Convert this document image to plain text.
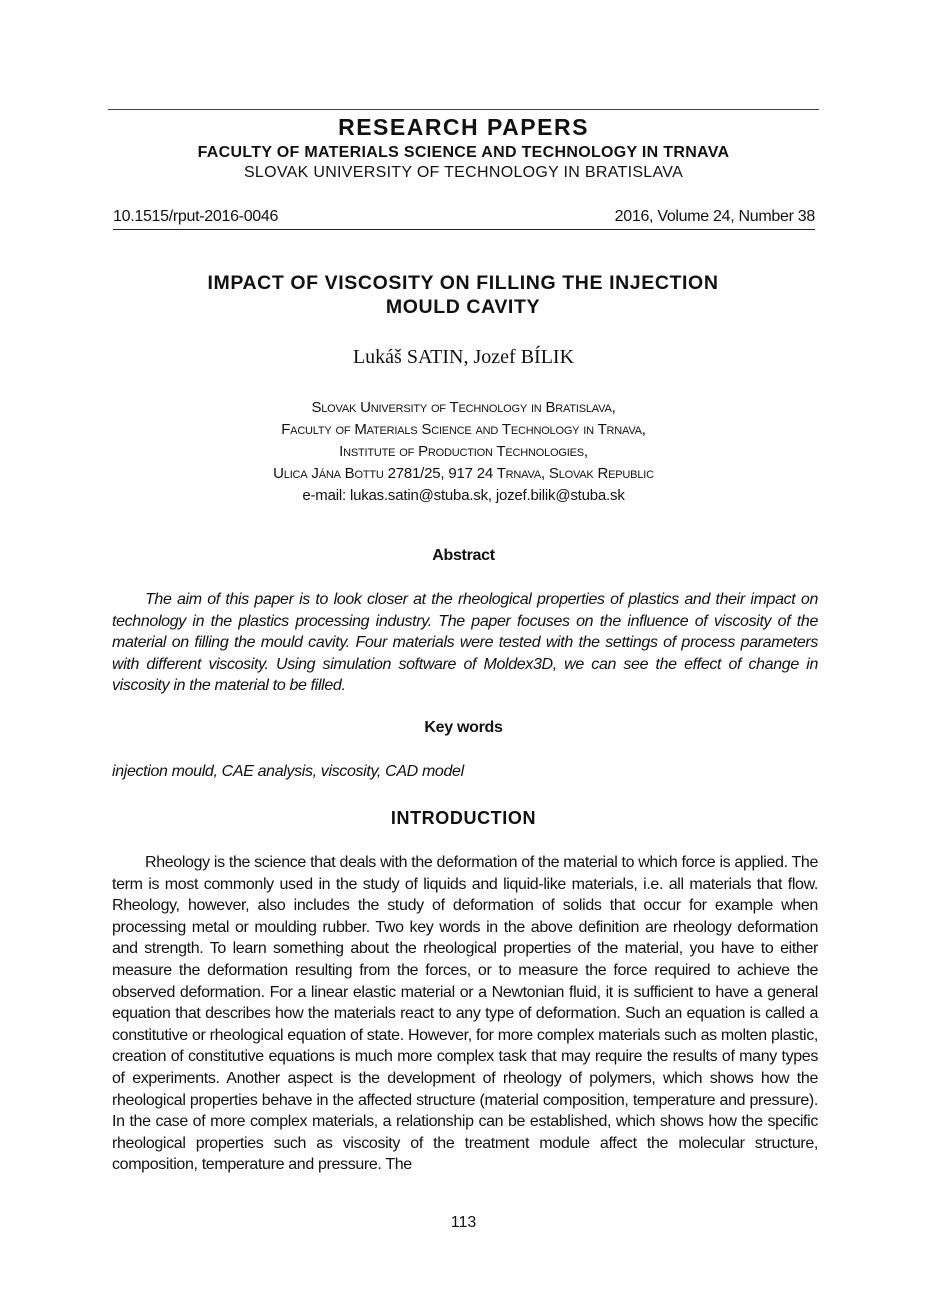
RESEARCH PAPERS
FACULTY OF MATERIALS SCIENCE AND TECHNOLOGY IN TRNAVA
SLOVAK UNIVERSITY OF TECHNOLOGY IN BRATISLAVA
10.1515/rput-2016-0046	2016, Volume 24, Number 38
IMPACT OF VISCOSITY ON FILLING THE INJECTION
MOULD CAVITY
Lukáš SATIN, Jozef BÍLIK
Slovak University of Technology in Bratislava,
Faculty of Materials Science and Technology in Trnava,
Institute of Production Technologies,
Ulica Jána Bottu 2781/25, 917 24 Trnava, Slovak Republic
e-mail: lukas.satin@stuba.sk, jozef.bilik@stuba.sk
Abstract

The aim of this paper is to look closer at the rheological properties of plastics and their impact on technology in the plastics processing industry. The paper focuses on the influence of viscosity of the material on filling the mould cavity. Four materials were tested with the settings of process parameters with different viscosity. Using simulation software of Moldex3D, we can see the effect of change in viscosity in the material to be filled.

Key words

injection mould, CAE analysis, viscosity, CAD model

INTRODUCTION

Rheology is the science that deals with the deformation of the material to which force is applied. The term is most commonly used in the study of liquids and liquid-like materials, i.e. all materials that flow. Rheology, however, also includes the study of deformation of solids that occur for example when processing metal or moulding rubber. Two key words in the above definition are rheology deformation and strength. To learn something about the rheological properties of the material, you have to either measure the deformation resulting from the forces, or to measure the force required to achieve the observed deformation. For a linear elastic material or a Newtonian fluid, it is sufficient to have a general equation that describes how the materials react to any type of deformation. Such an equation is called a constitutive or rheological equation of state. However, for more complex materials such as molten plastic, creation of constitutive equations is much more complex task that may require the results of many types of experiments. Another aspect is the development of rheology of polymers, which shows how the rheological properties behave in the affected structure (material composition, temperature and pressure). In the case of more complex materials, a relationship can be established, which shows how the specific rheological properties such as viscosity of the treatment module affect the molecular structure, composition, temperature and pressure. The

113
